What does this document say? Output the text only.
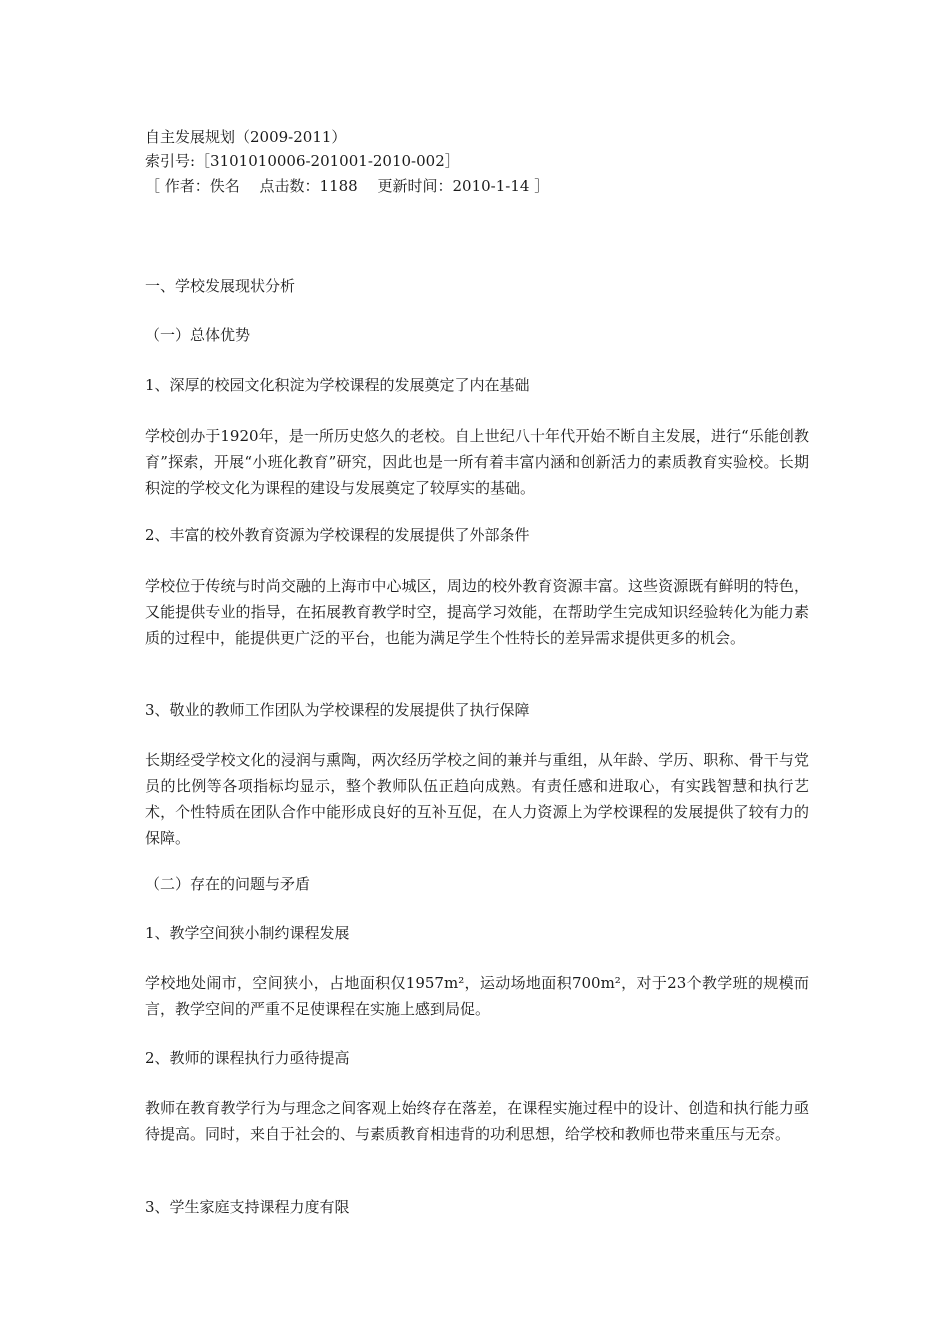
自主发展规划（2009-2011）
索引号:［3101010006-201001-2010-002］
［ 作者：佚名　 点击数：1188　 更新时间：2010-1-14 ］
一、学校发展现状分析
（一）总体优势
1、深厚的校园文化积淀为学校课程的发展奠定了内在基础
学校创办于1920年，是一所历史悠久的老校。自上世纪八十年代开始不断自主发展，进行“乐能创教育”探索，开展“小班化教育”研究，因此也是一所有着丰富内涵和创新活力的素质教育实验校。长期积淀的学校文化为课程的建设与发展奠定了较厚实的基础。
2、丰富的校外教育资源为学校课程的发展提供了外部条件
学校位于传统与时尚交融的上海市中心城区，周边的校外教育资源丰富。这些资源既有鲜明的特色，又能提供专业的指导，在拓展教育教学时空，提高学习效能，在帮助学生完成知识经验转化为能力素质的过程中，能提供更广泛的平台，也能为满足学生个性特长的差异需求提供更多的机会。
3、敬业的教师工作团队为学校课程的发展提供了执行保障
长期经受学校文化的浸润与熏陶，两次经历学校之间的兼并与重组，从年龄、学历、职称、骨干与党员的比例等各项指标均显示，整个教师队伍正趋向成熟。有责任感和进取心，有实践智慧和执行艺术，个性特质在团队合作中能形成良好的互补互促，在人力资源上为学校课程的发展提供了较有力的保障。
（二）存在的问题与矛盾
1、教学空间狭小制约课程发展
学校地处闹市，空间狭小，占地面积仅1957m²，运动场地面积700m²，对于23个教学班的规模而言，教学空间的严重不足使课程在实施上感到局促。
2、教师的课程执行力亟待提高
教师在教育教学行为与理念之间客观上始终存在落差，在课程实施过程中的设计、创造和执行能力亟待提高。同时，来自于社会的、与素质教育相违背的功利思想，给学校和教师也带来重压与无奈。
3、学生家庭支持课程力度有限
